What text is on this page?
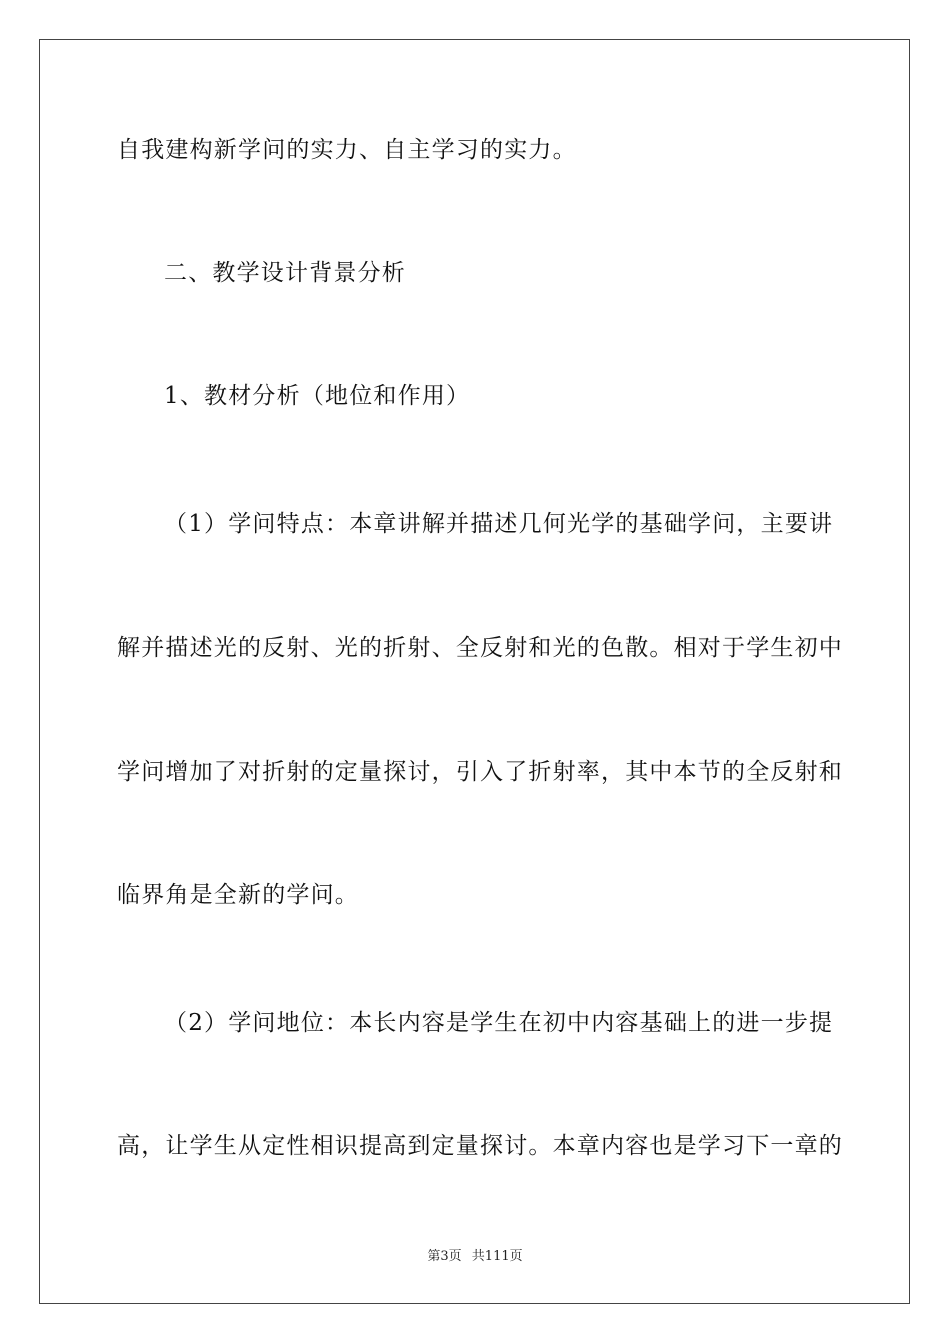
自我建构新学问的实力、自主学习的实力。
二、教学设计背景分析
1、教材分析（地位和作用）
（1）学问特点：本章讲解并描述几何光学的基础学问，主要讲
解并描述光的反射、光的折射、全反射和光的色散。相对于学生初中
学问增加了对折射的定量探讨，引入了折射率，其中本节的全反射和
临界角是全新的学问。
（2）学问地位：本长内容是学生在初中内容基础上的进一步提
高，让学生从定性相识提高到定量探讨。本章内容也是学习下一章的
第3页 共111页
